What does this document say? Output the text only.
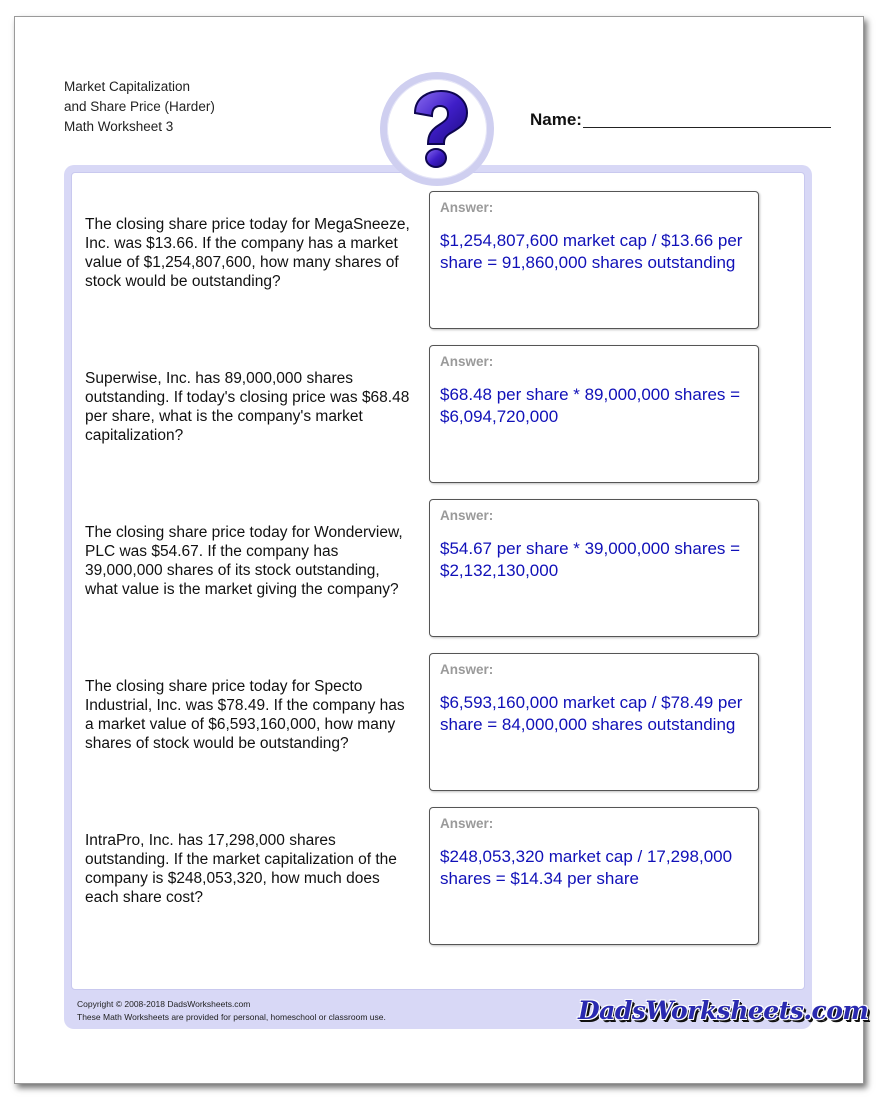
Market Capitalization
and Share Price (Harder)
Math Worksheet 3	Name:
The closing share price today for MegaSneeze, Inc. was $13.66. If the company has a market value of $1,254,807,600, how many shares of stock would be outstanding?
Answer:
$1,254,807,600 market cap / $13.66 per share = 91,860,000 shares outstanding
Superwise, Inc. has 89,000,000 shares outstanding. If today's closing price was $68.48 per share, what is the company's market capitalization?
Answer:
$68.48 per share * 89,000,000 shares = $6,094,720,000
The closing share price today for Wonderview, PLC was $54.67. If the company has 39,000,000 shares of its stock outstanding, what value is the market giving the company?
Answer:
$54.67 per share * 39,000,000 shares = $2,132,130,000
The closing share price today for Specto Industrial, Inc. was $78.49. If the company has a market value of $6,593,160,000, how many shares of stock would be outstanding?
Answer:
$6,593,160,000 market cap / $78.49 per share = 84,000,000 shares outstanding
IntraPro, Inc. has 17,298,000 shares outstanding. If the market capitalization of the company is $248,053,320, how much does each share cost?
Answer:
$248,053,320 market cap / 17,298,000 shares = $14.34 per share
Copyright © 2008-2018 DadsWorksheets.com
These Math Worksheets are provided for personal, homeschool or classroom use.	DadsWorksheets.com
